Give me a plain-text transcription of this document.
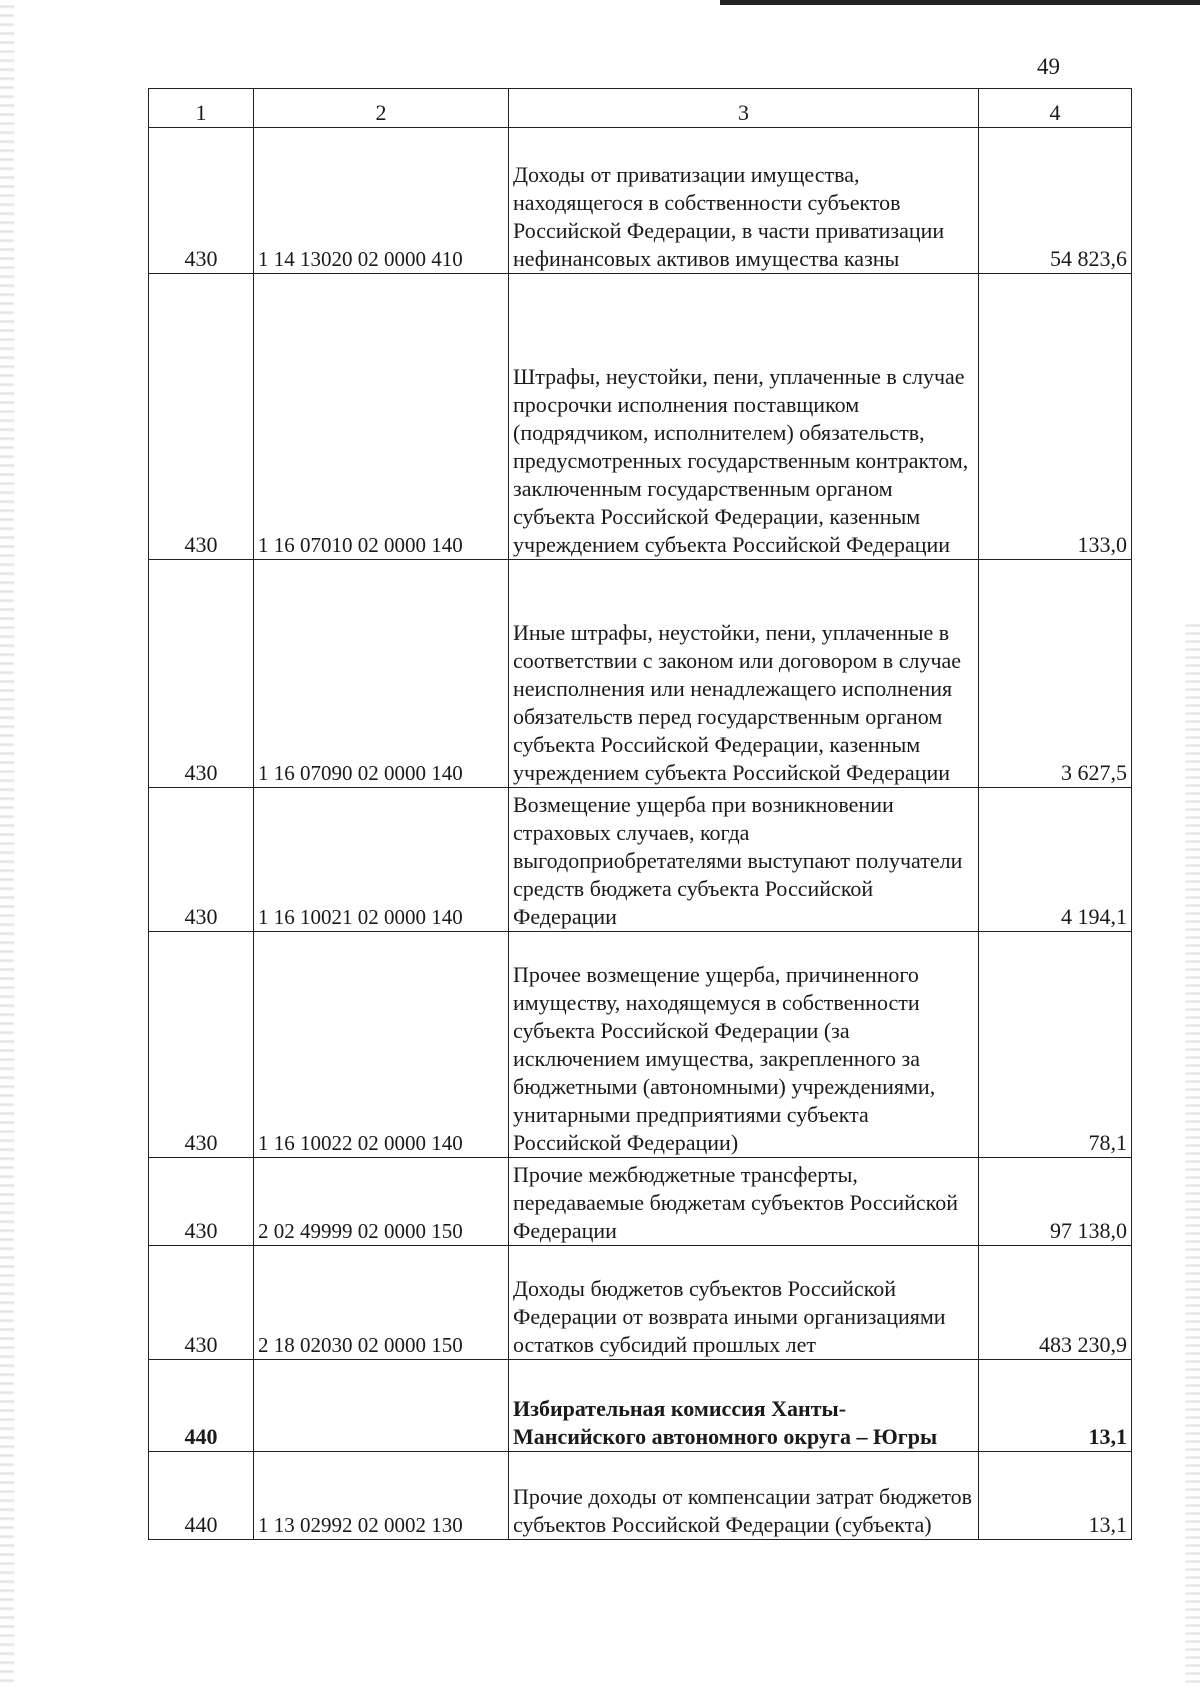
49
1	2	3	4
430	1 14 13020 02 0000 410	Доходы от приватизации имущества, находящегося в собственности субъектов Российской Федерации, в части приватизации нефинансовых активов имущества казны	54 823,6
430	1 16 07010 02 0000 140	Штрафы, неустойки, пени, уплаченные в случае просрочки исполнения поставщиком (подрядчиком, исполнителем) обязательств, предусмотренных государственным контрактом, заключенным государственным органом субъекта Российской Федерации, казенным учреждением субъекта Российской Федерации	133,0
430	1 16 07090 02 0000 140	Иные штрафы, неустойки, пени, уплаченные в соответствии с законом или договором в случае неисполнения или ненадлежащего исполнения обязательств перед государственным органом субъекта Российской Федерации, казенным учреждением субъекта Российской Федерации	3 627,5
430	1 16 10021 02 0000 140	Возмещение ущерба при возникновении страховых случаев, когда выгодоприобретателями выступают получатели средств бюджета субъекта Российской Федерации	4 194,1
430	1 16 10022 02 0000 140	Прочее возмещение ущерба, причиненного имуществу, находящемуся в собственности субъекта Российской Федерации (за исключением имущества, закрепленного за бюджетными (автономными) учреждениями, унитарными предприятиями субъекта Российской Федерации)	78,1
430	2 02 49999 02 0000 150	Прочие межбюджетные трансферты, передаваемые бюджетам субъектов Российской Федерации	97 138,0
430	2 18 02030 02 0000 150	Доходы бюджетов субъектов Российской Федерации от возврата иными организациями остатков субсидий прошлых лет	483 230,9
440		Избирательная комиссия Ханты-Мансийского автономного округа – Югры	13,1
440	1 13 02992 02 0002 130	Прочие доходы от компенсации затрат бюджетов субъектов Российской Федерации (субъекта)	13,1
